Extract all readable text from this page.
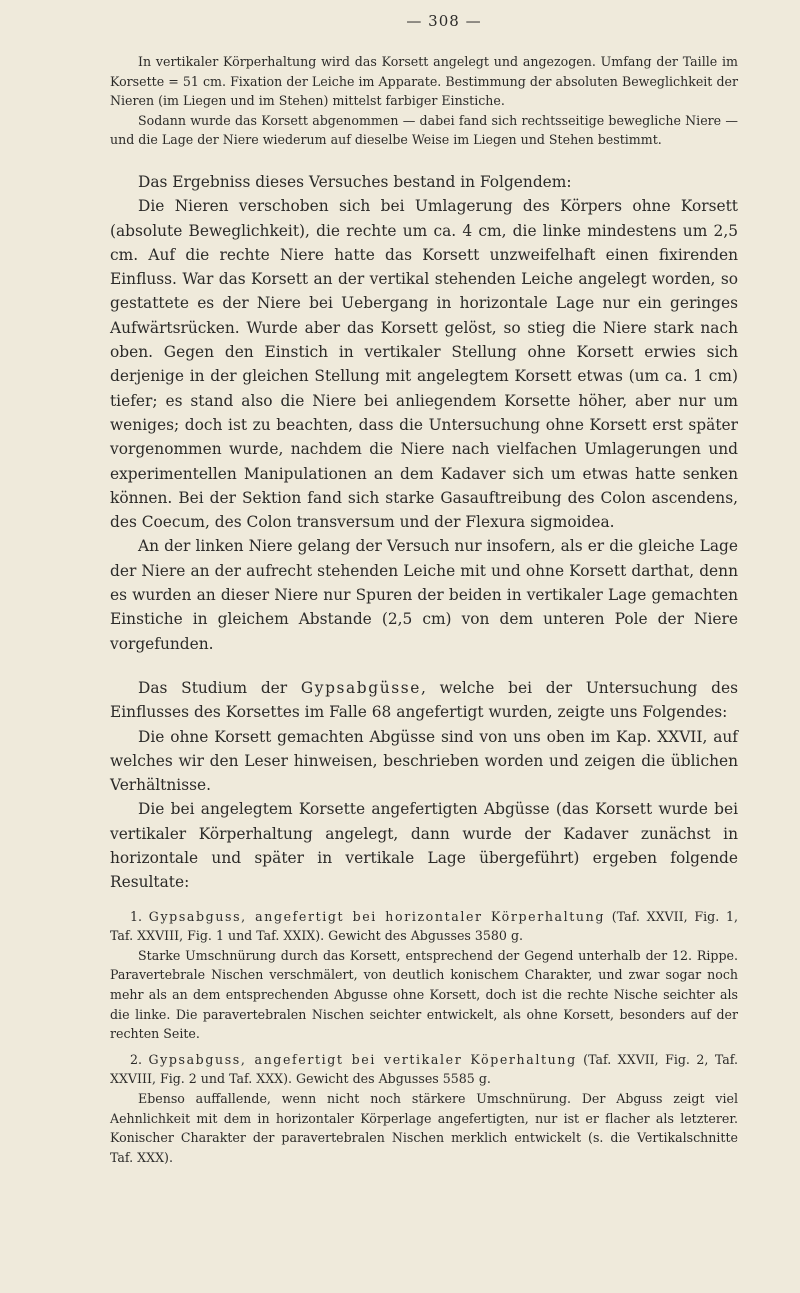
— 308 —

In vertikaler Körperhaltung wird das Korsett angelegt und angezogen. Umfang der Taille im Korsette = 51 cm. Fixation der Leiche im Apparate. Bestimmung der absoluten Beweglichkeit der Nieren (im Liegen und im Stehen) mittelst farbiger Einstiche.

Sodann wurde das Korsett abgenommen — dabei fand sich rechtsseitige bewegliche Niere — und die Lage der Niere wiederum auf dieselbe Weise im Liegen und Stehen bestimmt.

Das Ergebniss dieses Versuches bestand in Folgendem:

Die Nieren verschoben sich bei Umlagerung des Körpers ohne Korsett (absolute Beweglichkeit), die rechte um ca. 4 cm, die linke mindestens um 2,5 cm. Auf die rechte Niere hatte das Korsett unzweifelhaft einen fixirenden Einfluss. War das Korsett an der vertikal stehenden Leiche angelegt worden, so gestattete es der Niere bei Uebergang in horizontale Lage nur ein geringes Aufwärtsrücken. Wurde aber das Korsett gelöst, so stieg die Niere stark nach oben. Gegen den Einstich in vertikaler Stellung ohne Korsett erwies sich derjenige in der gleichen Stellung mit angelegtem Korsett etwas (um ca. 1 cm) tiefer; es stand also die Niere bei anliegendem Korsette höher, aber nur um weniges; doch ist zu beachten, dass die Untersuchung ohne Korsett erst später vorgenommen wurde, nachdem die Niere nach vielfachen Umlagerungen und experimentellen Manipulationen an dem Kadaver sich um etwas hatte senken können. Bei der Sektion fand sich starke Gasauftreibung des Colon ascendens, des Coecum, des Colon transversum und der Flexura sigmoidea.

An der linken Niere gelang der Versuch nur insofern, als er die gleiche Lage der Niere an der aufrecht stehenden Leiche mit und ohne Korsett darthat, denn es wurden an dieser Niere nur Spuren der beiden in vertikaler Lage gemachten Einstiche in gleichem Abstande (2,5 cm) von dem unteren Pole der Niere vorgefunden.

Das Studium der Gypsabgüsse, welche bei der Untersuchung des Einflusses des Korsettes im Falle 68 angefertigt wurden, zeigte uns Folgendes:

Die ohne Korsett gemachten Abgüsse sind von uns oben im Kap. XXVII, auf welches wir den Leser hinweisen, beschrieben worden und zeigen die üblichen Verhältnisse.

Die bei angelegtem Korsette angefertigten Abgüsse (das Korsett wurde bei vertikaler Körperhaltung angelegt, dann wurde der Kadaver zunächst in horizontale und später in vertikale Lage übergeführt) ergeben folgende Resultate:

1. Gypsabguss, angefertigt bei horizontaler Körperhaltung (Taf. XXVII, Fig. 1, Taf. XXVIII, Fig. 1 und Taf. XXIX). Gewicht des Abgusses 3580 g.

Starke Umschnürung durch das Korsett, entsprechend der Gegend unterhalb der 12. Rippe. Paravertebrale Nischen verschmälert, von deutlich konischem Charakter, und zwar sogar noch mehr als an dem entsprechenden Abgusse ohne Korsett, doch ist die rechte Nische seichter als die linke. Die paravertebralen Nischen seichter entwickelt, als ohne Korsett, besonders auf der rechten Seite.

2. Gypsabguss, angefertigt bei vertikaler Köperhaltung (Taf. XXVII, Fig. 2, Taf. XXVIII, Fig. 2 und Taf. XXX). Gewicht des Abgusses 5585 g.

Ebenso auffallende, wenn nicht noch stärkere Umschnürung. Der Abguss zeigt viel Aehnlichkeit mit dem in horizontaler Körperlage angefertigten, nur ist er flacher als letzterer. Konischer Charakter der paravertebralen Nischen merklich entwickelt (s. die Vertikalschnitte Taf. XXX).
